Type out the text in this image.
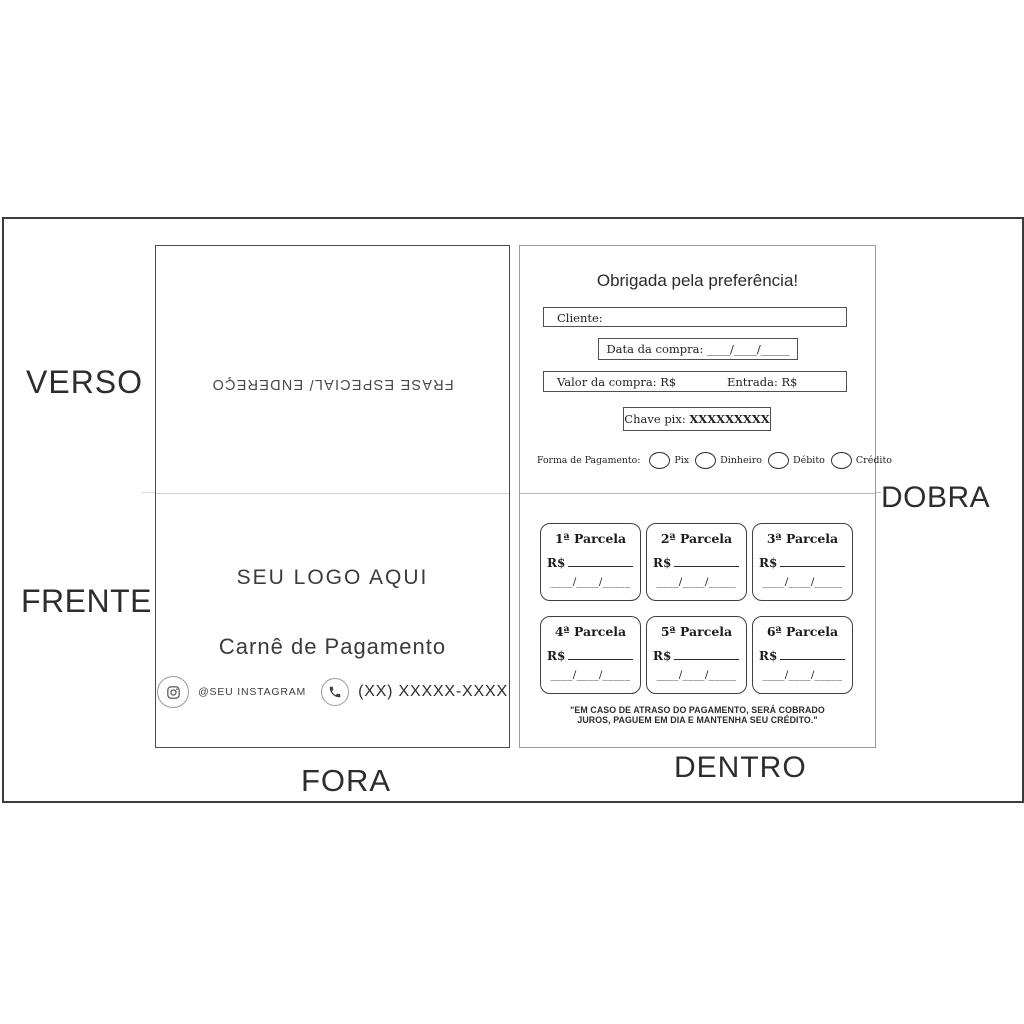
VERSO
FRENTE
FORA	DENTRO
DOBRA
FRASE ESPECIAL/ ENDEREÇO
SEU LOGO AQUI
Carnê de Pagamento
@SEU INSTAGRAM	(XX) XXXXX-XXXX
Obrigada pela preferência!
Cliente:
Data da compra: ____/____/_____
Valor da compra: R$	Entrada: R$
Chave pix: XXXXXXXXX
Forma de Pagamento:	Pix	Dinheiro	Débito	Crédito
1ª Parcela
R$
____/____/_____
2ª Parcela
R$
____/____/_____
3ª Parcela
R$
____/____/_____
4ª Parcela
R$
____/____/_____
5ª Parcela
R$
____/____/_____
6ª Parcela
R$
____/____/_____
"EM CASO DE ATRASO DO PAGAMENTO, SERÁ COBRADO
JUROS, PAGUEM EM DIA E MANTENHA SEU CRÉDITO."
